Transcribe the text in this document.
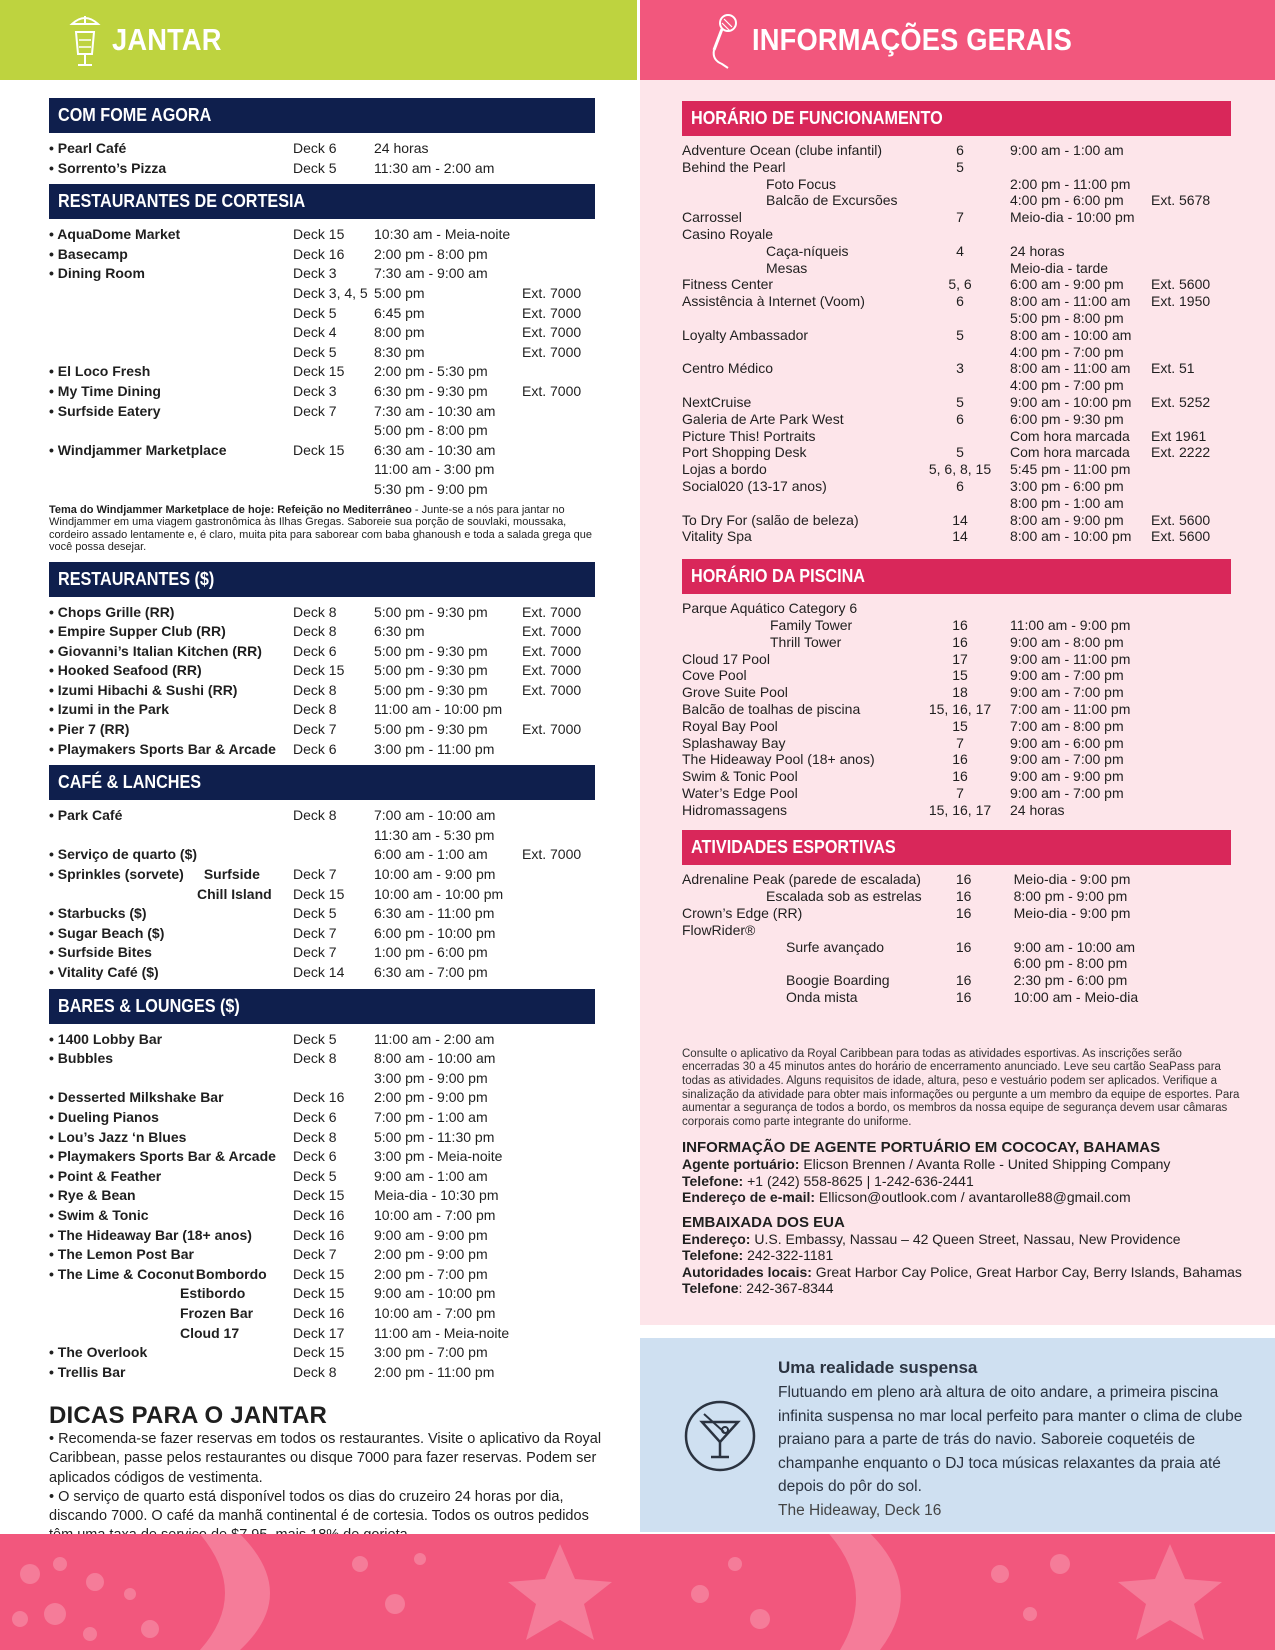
JANTAR	INFORMAÇÕES GERAIS
COM FOME AGORA
• Pearl Café	Deck 6	24 horas	
• Sorrento’s Pizza	Deck 5	11:30 am - 2:00 am	
RESTAURANTES DE CORTESIA
• AquaDome Market	Deck 15	10:30 am - Meia-noite	
• Basecamp	Deck 16	2:00 pm - 8:00 pm	
• Dining Room	Deck 3	7:30 am - 9:00 am	
	Deck 3, 4, 5	5:00 pm	Ext. 7000
	Deck 5	6:45 pm	Ext. 7000
	Deck 4	8:00 pm	Ext. 7000
	Deck 5	8:30 pm	Ext. 7000
• El Loco Fresh	Deck 15	2:00 pm - 5:30 pm	
• My Time Dining	Deck 3	6:30 pm - 9:30 pm	Ext. 7000
• Surfside Eatery	Deck 7	7:30 am - 10:30 am	
		5:00 pm - 8:00 pm	
• Windjammer Marketplace	Deck 15	6:30 am - 10:30 am	
		11:00 am - 3:00 pm	
		5:30 pm - 9:00 pm	
Tema do Windjammer Marketplace de hoje: Refeição no Mediterrâneo - Junte-se a nós para jantar no Windjammer em uma viagem gastronômica às Ilhas Gregas. Saboreie sua porção de souvlaki, moussaka, cordeiro assado lentamente e, é claro, muita pita para saborear com baba ghanoush e toda a salada grega que você possa desejar.
RESTAURANTES ($)
• Chops Grille (RR)	Deck 8	5:00 pm - 9:30 pm	Ext. 7000
• Empire Supper Club (RR)	Deck 8	6:30 pm	Ext. 7000
• Giovanni’s Italian Kitchen (RR)	Deck 6	5:00 pm - 9:30 pm	Ext. 7000
• Hooked Seafood (RR)	Deck 15	5:00 pm - 9:30 pm	Ext. 7000
• Izumi Hibachi & Sushi (RR)	Deck 8	5:00 pm - 9:30 pm	Ext. 7000
• Izumi in the Park	Deck 8	11:00 am - 10:00 pm	
• Pier 7 (RR)	Deck 7	5:00 pm - 9:30 pm	Ext. 7000
• Playmakers Sports Bar & Arcade	Deck 6	3:00 pm - 11:00 pm	
CAFÉ & LANCHES
• Park Café	Deck 8	7:00 am - 10:00 am	
		11:30 am - 5:30 pm	
• Serviço de quarto ($)		6:00 am - 1:00 am	Ext. 7000
• Sprinkles (sorvete) Surfside	Deck 7	10:00 am - 9:00 pm	
Chill Island	Deck 15	10:00 am - 10:00 pm	
• Starbucks ($)	Deck 5	6:30 am - 11:00 pm	
• Sugar Beach ($)	Deck 7	6:00 pm - 10:00 pm	
• Surfside Bites	Deck 7	1:00 pm - 6:00 pm	
• Vitality Café ($)	Deck 14	6:30 am - 7:00 pm	
BARES & LOUNGES ($)
• 1400 Lobby Bar	Deck 5	11:00 am - 2:00 am	
• Bubbles	Deck 8	8:00 am - 10:00 am	
		3:00 pm - 9:00 pm	
• Desserted Milkshake Bar	Deck 16	2:00 pm - 9:00 pm	
• Dueling Pianos	Deck 6	7:00 pm - 1:00 am	
• Lou’s Jazz ‘n Blues	Deck 8	5:00 pm - 11:30 pm	
• Playmakers Sports Bar & Arcade	Deck 6	3:00 pm - Meia-noite	
• Point & Feather	Deck 5	9:00 am - 1:00 am	
• Rye & Bean	Deck 15	Meia-dia - 10:30 pm	
• Swim & Tonic	Deck 16	10:00 am - 7:00 pm	
• The Hideaway Bar (18+ anos)	Deck 16	9:00 am - 9:00 pm	
• The Lemon Post Bar	Deck 7	2:00 pm - 9:00 pm	
• The Lime & Coconut Bombordo	Deck 15	2:00 pm - 7:00 pm	
Estibordo	Deck 15	9:00 am - 10:00 pm	
Frozen Bar	Deck 16	10:00 am - 7:00 pm	
Cloud 17	Deck 17	11:00 am - Meia-noite	
• The Overlook	Deck 15	3:00 pm - 7:00 pm	
• Trellis Bar	Deck 8	2:00 pm - 11:00 pm	
DICAS PARA O JANTAR

• Recomenda-se fazer reservas em todos os restaurantes. Visite o aplicativo da Royal Caribbean, passe pelos restaurantes ou disque 7000 para fazer reservas. Podem ser aplicados códigos de vestimenta.

• O serviço de quarto está disponível todos os dias do cruzeiro 24 horas por dia, discando 7000. O café da manhã continental é de cortesia. Todos os outros pedidos

HORÁRIO DE FUNCIONAMENTO
Adventure Ocean (clube infantil)	6	9:00 am - 1:00 am	
Behind the Pearl	5		
Foto Focus		2:00 pm - 11:00 pm	
Balcão de Excursões		4:00 pm - 6:00 pm	Ext. 5678
Carrossel	7	Meio-dia - 10:00 pm	
Casino Royale			
Caça-níqueis	4	24 horas	
Mesas		Meio-dia - tarde	
Fitness Center	5, 6	6:00 am - 9:00 pm	Ext. 5600
Assistência à Internet (Voom)	6	8:00 am - 11:00 am	Ext. 1950
		5:00 pm - 8:00 pm	
Loyalty Ambassador	5	8:00 am - 10:00 am	
		4:00 pm - 7:00 pm	
Centro Médico	3	8:00 am - 11:00 am	Ext. 51
		4:00 pm - 7:00 pm	
NextCruise	5	9:00 am - 10:00 pm	Ext. 5252
Galeria de Arte Park West	6	6:00 pm - 9:30 pm	
Picture This! Portraits		Com hora marcada	Ext 1961
Port Shopping Desk	5	Com hora marcada	Ext. 2222
Lojas a bordo	5, 6, 8, 15	5:45 pm - 11:00 pm	
Social020 (13-17 anos)	6	3:00 pm - 6:00 pm	
		8:00 pm - 1:00 am	
To Dry For (salão de beleza)	14	8:00 am - 9:00 pm	Ext. 5600
Vitality Spa	14	8:00 am - 10:00 pm	Ext. 5600
HORÁRIO DA PISCINA
Parque Aquático Category 6			
Family Tower	16	11:00 am - 9:00 pm	
Thrill Tower	16	9:00 am - 8:00 pm	
Cloud 17 Pool	17	9:00 am - 11:00 pm	
Cove Pool	15	9:00 am - 7:00 pm	
Grove Suite Pool	18	9:00 am - 7:00 pm	
Balcão de toalhas de piscina	15, 16, 17	7:00 am - 11:00 pm	
Royal Bay Pool	15	7:00 am - 8:00 pm	
Splashaway Bay	7	9:00 am - 6:00 pm	
The Hideaway Pool (18+ anos)	16	9:00 am - 7:00 pm	
Swim & Tonic Pool	16	9:00 am - 9:00 pm	
Water’s Edge Pool	7	9:00 am - 7:00 pm	
Hidromassagens	15, 16, 17	24 horas	
ATIVIDADES ESPORTIVAS
Adrenaline Peak (parede de escalada)	16	Meio-dia - 9:00 pm	
Escalada sob as estrelas	16	8:00 pm - 9:00 pm	
Crown’s Edge (RR)	16	Meio-dia - 9:00 pm	
FlowRider®			
Surfe avançado	16	9:00 am - 10:00 am	
		6:00 pm - 8:00 pm	
Boogie Boarding	16	2:30 pm - 6:00 pm	
Onda mista	16	10:00 am - Meio-dia	
Consulte o aplicativo da Royal Caribbean para todas as atividades esportivas. As inscrições serão encerradas 30 a 45 minutos antes do horário de encerramento anunciado. Leve seu cartão SeaPass para todas as atividades. Alguns requisitos de idade, altura, peso e vestuário podem ser aplicados. Verifique a sinalização da atividade para obter mais informações ou pergunte a um membro da equipe de esportes. Para aumentar a segurança de todos a bordo, os membros da nossa equipe de segurança devem usar câmaras corporais como parte integrante do uniforme.
INFORMAÇÃO DE AGENTE PORTUÁRIO EM COCOCAY, BAHAMAS

Agente portuário: Elicson Brennen / Avanta Rolle - United Shipping Company

Telefone: +1 (242) 558-8625 | 1-242-636-2441

Endereço de e-mail: Ellicson@outlook.com / avantarolle88@gmail.com

EMBAIXADA DOS EUA

Endereço: U.S. Embassy, Nassau – 42 Queen Street, Nassau, New Providence

Telefone: 242-322-1181

Autoridades locais: Great Harbor Cay Police, Great Harbor Cay, Berry Islands, Bahamas

Telefone: 242-367-8344

Uma realidade suspensa

Flutuando em pleno arà altura de oito andare, a primeira piscina infinita suspensa no mar local perfeito para manter o clima de clube praiano para a parte de trás do navio. Saboreie coquetéis de champanhe enquanto o DJ toca músicas relaxantes da praia até depois do pôr do sol.

The Hideaway, Deck 16
